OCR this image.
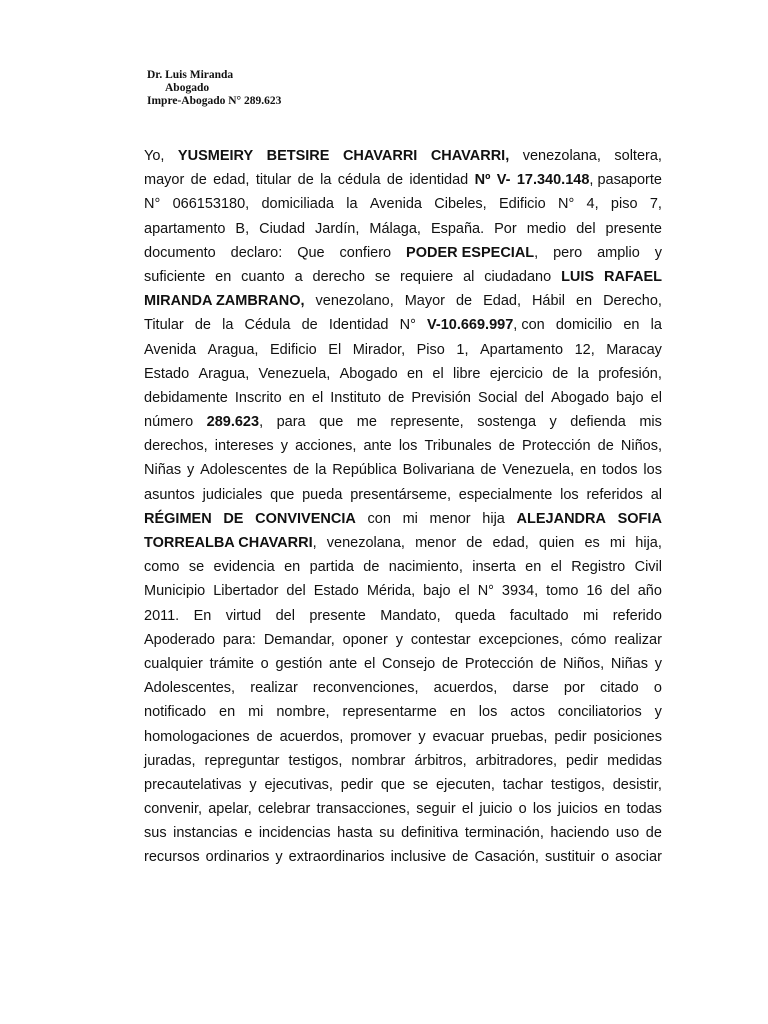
Dr. Luis Miranda
Abogado
Impre-Abogado N° 289.623
Yo, YUSMEIRY BETSIRE CHAVARRI CHAVARRI, venezolana, soltera,
mayor de edad, titular de la cédula de identidad Nº V- 17.340.148, pasaporte
N° 066153180, domiciliada la Avenida Cibeles, Edificio N° 4, piso 7,
apartamento B, Ciudad Jardín, Málaga, España. Por medio del presente
documento declaro: Que confiero PODER ESPECIAL, pero amplio y
suficiente en cuanto a derecho se requiere al ciudadano LUIS RAFAEL
MIRANDA ZAMBRANO, venezolano, Mayor de Edad, Hábil en Derecho,
Titular de la Cédula de Identidad N° V-10.669.997, con domicilio en la
Avenida Aragua, Edificio El Mirador, Piso 1, Apartamento 12, Maracay
Estado Aragua, Venezuela, Abogado en el libre ejercicio de la profesión,
debidamente Inscrito en el Instituto de Previsión Social del Abogado bajo el
número 289.623, para que me represente, sostenga y defienda mis
derechos, intereses y acciones, ante los Tribunales de Protección de Niños,
Niñas y Adolescentes de la República Bolivariana de Venezuela, en todos los
asuntos judiciales que pueda presentárseme, especialmente los referidos al
RÉGIMEN DE CONVIVENCIA con mi menor hija ALEJANDRA SOFIA
TORREALBA CHAVARRI, venezolana, menor de edad, quien es mi hija,
como se evidencia en partida de nacimiento, inserta en el Registro Civil
Municipio Libertador del Estado Mérida, bajo el N° 3934, tomo 16 del año
2011. En virtud del presente Mandato, queda facultado mi referido
Apoderado para: Demandar, oponer y contestar excepciones, cómo realizar
cualquier trámite o gestión ante el Consejo de Protección de Niños, Niñas y
Adolescentes, realizar reconvenciones, acuerdos, darse por citado o
notificado en mi nombre, representarme en los actos conciliatorios y
homologaciones de acuerdos, promover y evacuar pruebas, pedir posiciones
juradas, repreguntar testigos, nombrar árbitros, arbitradores, pedir medidas
precautelativas y ejecutivas, pedir que se ejecuten, tachar testigos, desistir,
convenir, apelar, celebrar transacciones, seguir el juicio o los juicios en todas
sus instancias e incidencias hasta su definitiva terminación, haciendo uso de
recursos ordinarios y extraordinarios inclusive de Casación, sustituir o asociar
